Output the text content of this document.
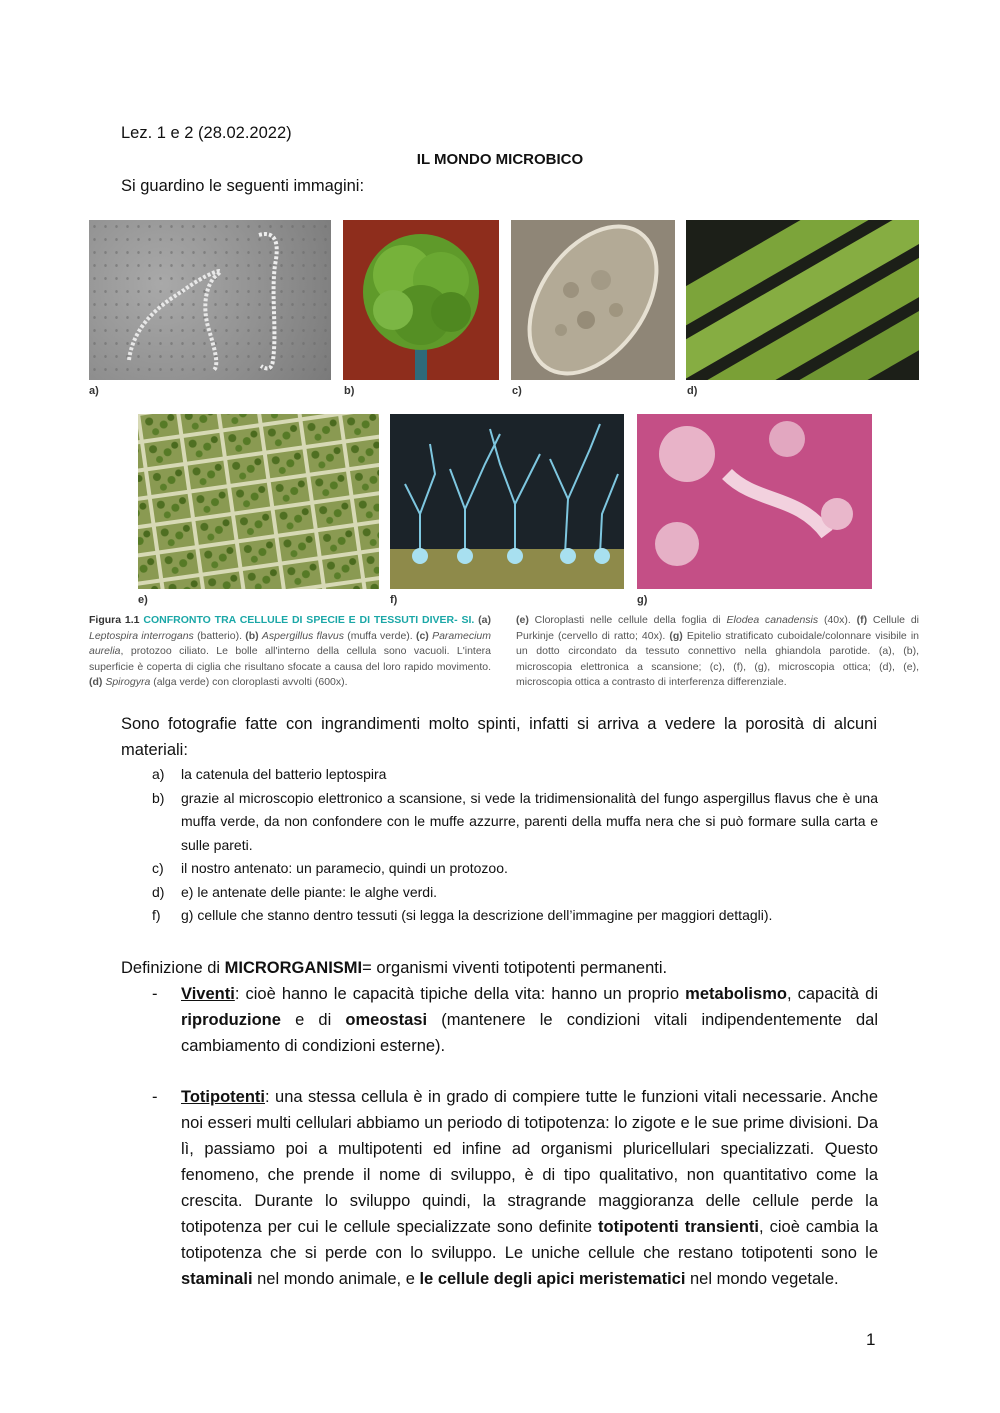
Lez. 1 e 2 (28.02.2022)
IL MONDO MICROBICO
Si guardino le seguenti immagini:
a)	b)	c)	d)
e)	f)	g)
Figura 1.1 CONFRONTO TRA CELLULE DI SPECIE E DI TESSUTI DIVER- SI. (a) Leptospira interrogans (batterio). (b) Aspergillus flavus (muffa verde). (c) Paramecium aurelia, protozoo ciliato. Le bolle all'interno della cellula sono vacuoli. L'intera superficie è coperta di ciglia che risultano sfocate a causa del loro rapido movimento. (d) Spirogyra (alga verde) con cloroplasti avvolti (600x).
(e) Cloroplasti nelle cellule della foglia di Elodea canadensis (40x). (f) Cellule di Purkinje (cervello di ratto; 40x). (g) Epitelio stratificato cuboidale/colonnare visibile in un dotto circondato da tessuto connettivo nella ghiandola parotide. (a), (b), microscopia elettronica a scansione; (c), (f), (g), microscopia ottica; (d), (e), microscopia ottica a contrasto di interferenza differenziale.
Sono fotografie fatte con ingrandimenti molto spinti, infatti si arriva a vedere la porosità di alcuni materiali:
a) la catenula del batterio leptospira
b) grazie al microscopio elettronico a scansione, si vede la tridimensionalità del fungo aspergillus flavus che è una muffa verde, da non confondere con le muffe azzurre, parenti della muffa nera che si può formare sulla carta e sulle pareti.
c) il nostro antenato: un paramecio, quindi un protozoo.
d) e) le antenate delle piante: le alghe verdi.
f) g) cellule che stanno dentro tessuti (si legga la descrizione dell’immagine per maggiori dettagli).
Definizione di MICRORGANISMI= organismi viventi totipotenti permanenti.
- Viventi: cioè hanno le capacità tipiche della vita: hanno un proprio metabolismo, capacità di riproduzione e di omeostasi (mantenere le condizioni vitali indipendentemente dal cambiamento di condizioni esterne).
- Totipotenti: una stessa cellula è in grado di compiere tutte le funzioni vitali necessarie. Anche noi esseri multi cellulari abbiamo un periodo di totipotenza: lo zigote e le sue prime divisioni. Da lì, passiamo poi a multipotenti ed infine ad organismi pluricellulari specializzati. Questo fenomeno, che prende il nome di sviluppo, è di tipo qualitativo, non quantitativo come la crescita. Durante lo sviluppo quindi, la stragrande maggioranza delle cellule perde la totipotenza per cui le cellule specializzate sono definite totipotenti transienti, cioè cambia la totipotenza che si perde con lo sviluppo. Le uniche cellule che restano totipotenti sono le staminali nel mondo animale, e le cellule degli apici meristematici nel mondo vegetale.
1
